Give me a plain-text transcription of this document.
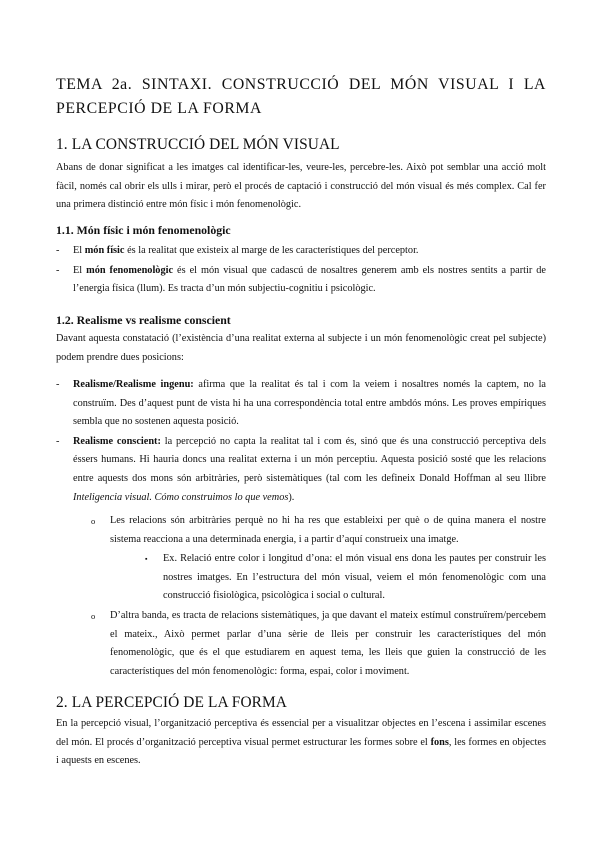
TEMA 2a. SINTAXI. CONSTRUCCIÓ DEL MÓN VISUAL I LA PERCEPCIÓ DE LA FORMA
1. LA CONSTRUCCIÓ DEL MÓN VISUAL

Abans de donar significat a les imatges cal identificar-les, veure-les, percebre-les. Això pot semblar una acció molt fàcil, només cal obrir els ulls i mirar, però el procés de captació i construcció del món visual és més complex. Cal fer una primera distinció entre món físic i món fenomenològic.

1.1. Món físic i món fenomenològic
- El món físic és la realitat que existeix al marge de les característiques del perceptor.
- El món fenomenològic és el món visual que cadascú de nosaltres generem amb els nostres sentits a partir de l’energia física (llum). Es tracta d’un món subjectiu-cognitiu i psicològic.
1.2. Realisme vs realisme conscient

Davant aquesta constatació (l’existència d’una realitat externa al subjecte i un món fenomenològic creat pel subjecte) podem prendre dues posicions:

- Realisme/Realisme ingenu: afirma que la realitat és tal i com la veiem i nosaltres només la captem, no la construïm. Des d’aquest punt de vista hi ha una correspondència total entre ambdós móns. Les proves empíriques sembla que no sostenen aquesta posició.
- Realisme conscient: la percepció no capta la realitat tal i com és, sinó que és una construcció perceptiva dels éssers humans. Hi hauria doncs una realitat externa i un món perceptiu. Aquesta posició sosté que les relacions entre aquests dos mons són arbitràries, però sistemàtiques (tal com les defineix Donald Hoffman al seu llibre Inteligencia visual. Cómo construimos lo que vemos).
o Les relacions són arbitràries perquè no hi ha res que estableixi per què o de quina manera el nostre sistema reacciona a una determinada energia, i a partir d’aquí construeix una imatge.
▪ Ex. Relació entre color i longitud d’ona: el món visual ens dona les pautes per construir les nostres imatges. En l’estructura del món visual, veiem el món fenomenològic com una construcció fisiològica, psicològica i social o cultural.
o D’altra banda, es tracta de relacions sistemàtiques, ja que davant el mateix estímul construïrem/percebem el mateix., Això permet parlar d’una sèrie de lleis per construir les característiques del món fenomenològic, que és el que estudiarem en aquest tema, les lleis que guien la construcció de les característiques del món fenomenològic: forma, espai, color i moviment.
2. LA PERCEPCIÓ DE LA FORMA

En la percepció visual, l’organització perceptiva és essencial per a visualitzar objectes en l’escena i assimilar escenes del món. El procés d’organització perceptiva visual permet estructurar les formes sobre el fons, les formes en objectes i aquests en escenes.
